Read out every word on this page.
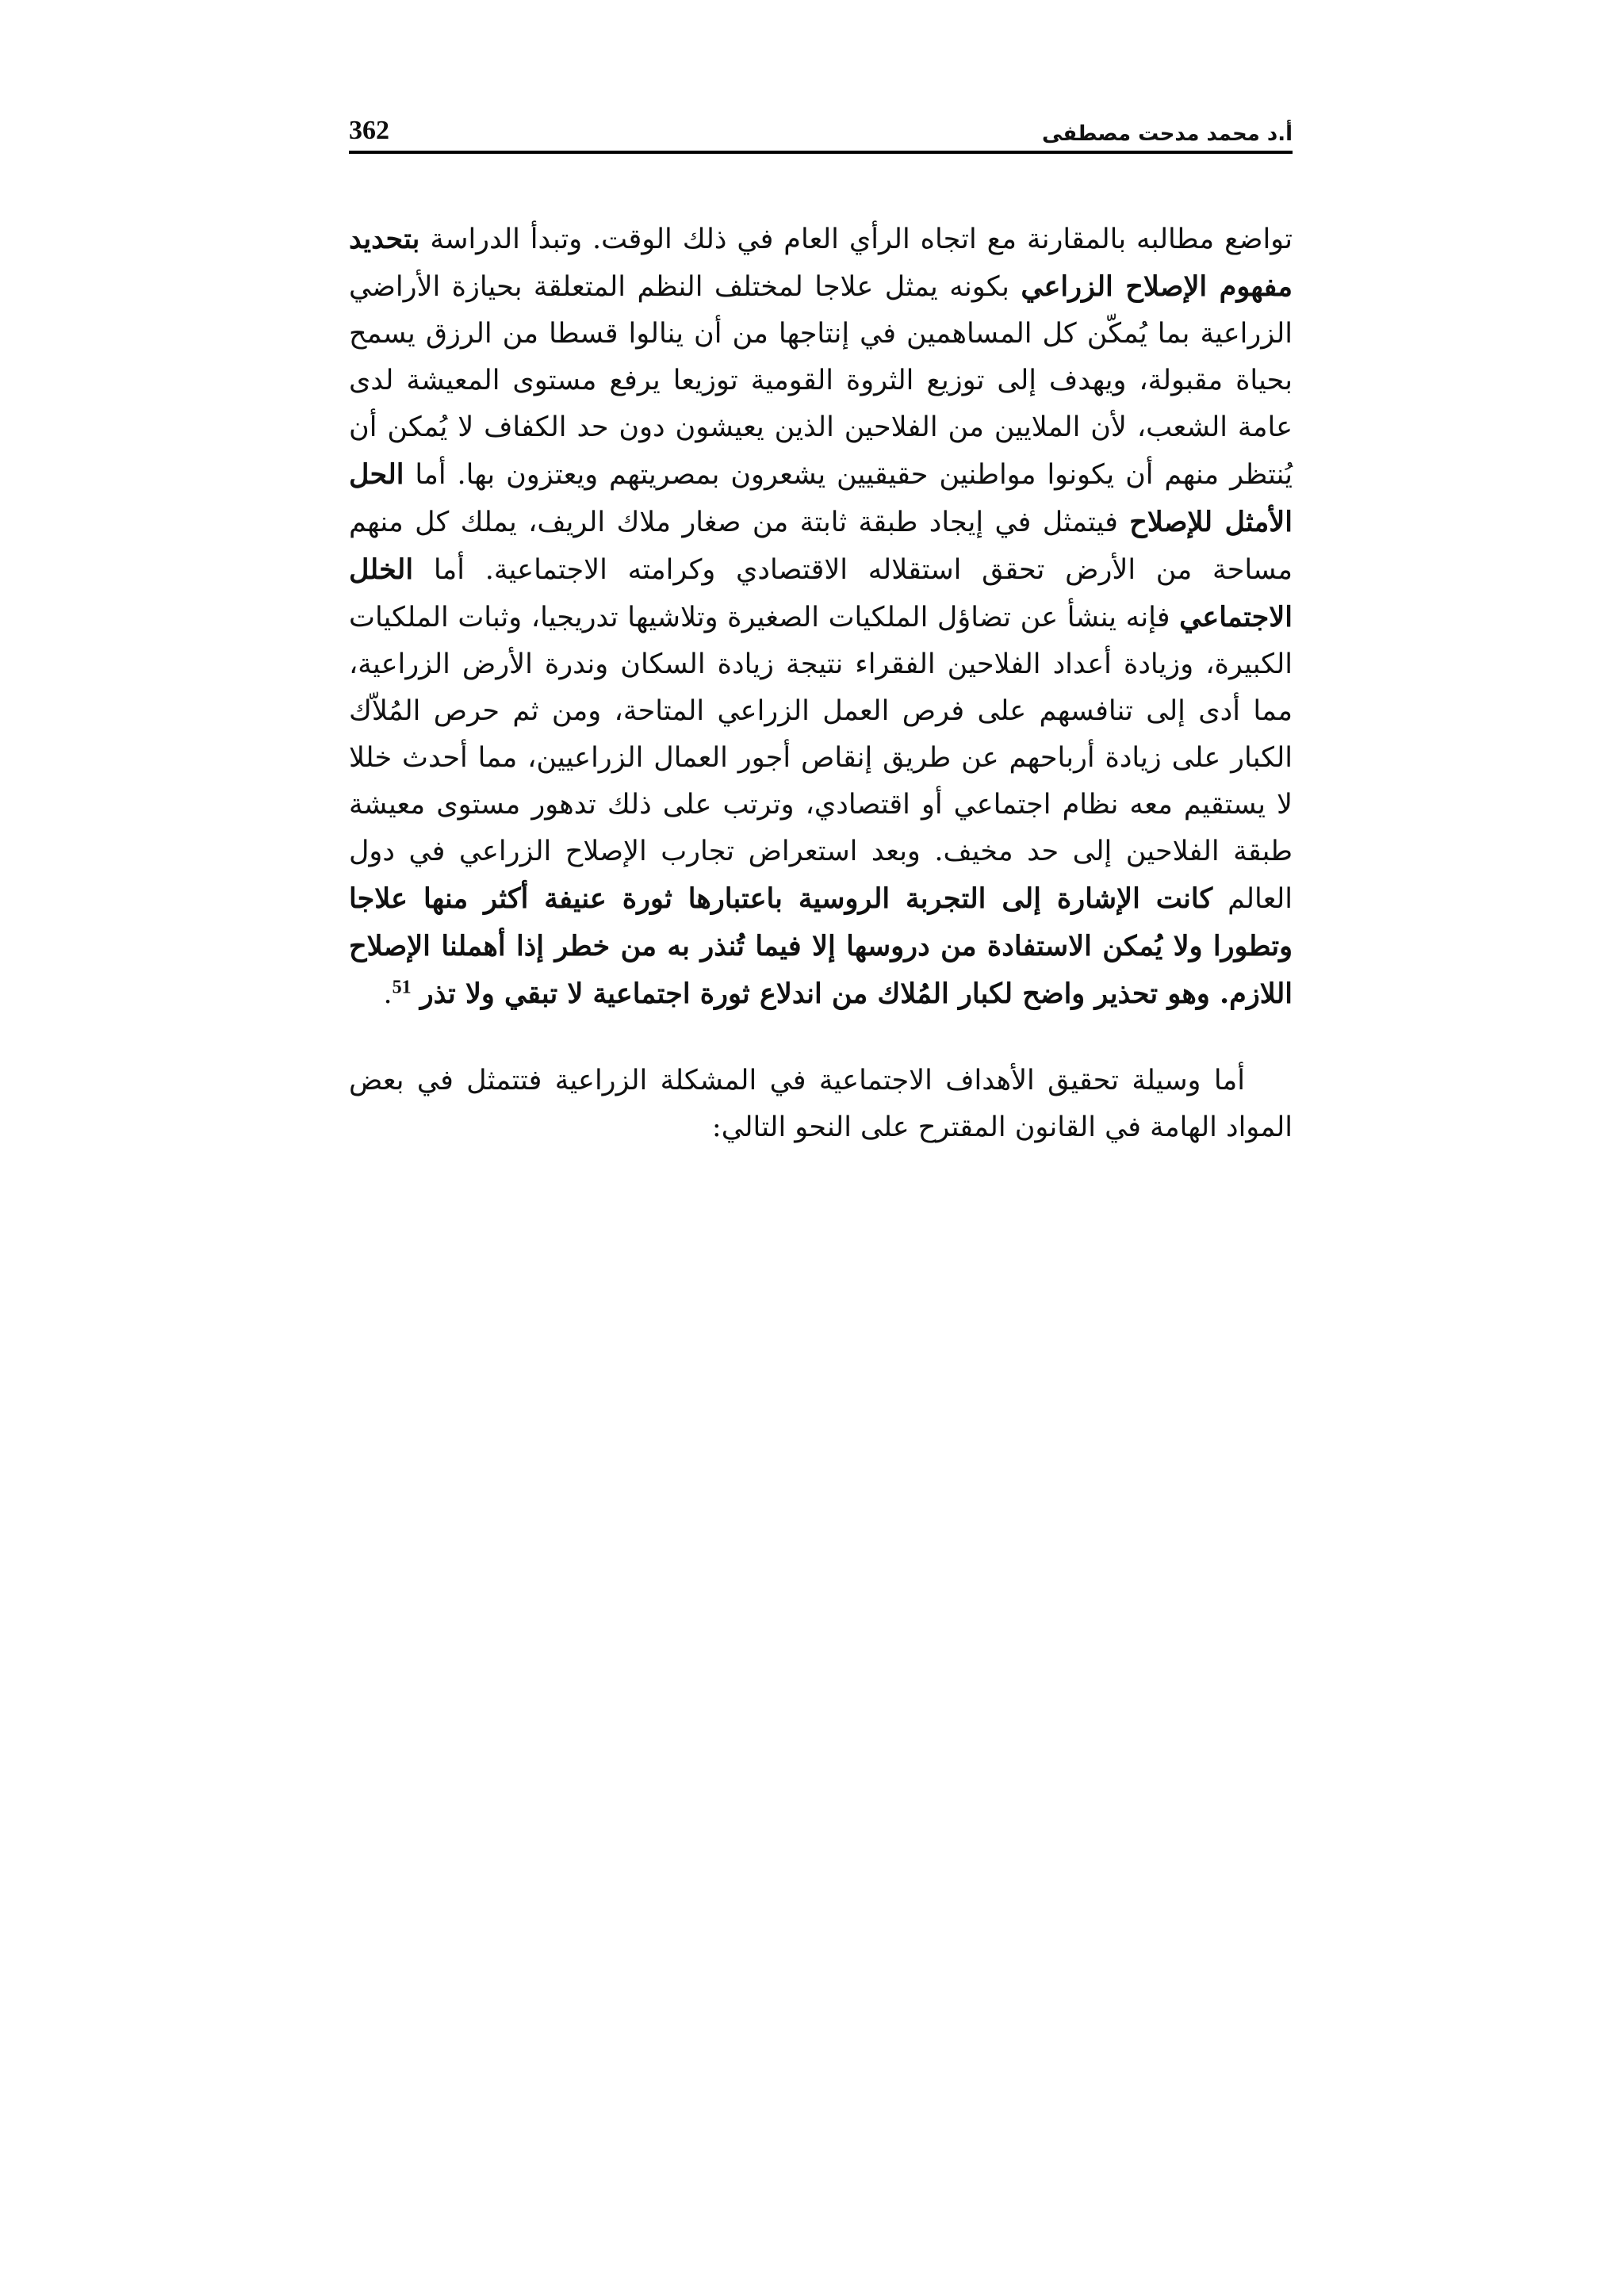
أ.د محمد مدحت مصطفى
362

تواضع مطالبه بالمقارنة مع اتجاه الرأي العام في ذلك الوقت. وتبدأ الدراسة بتحديد مفهوم الإصلاح الزراعي بكونه يمثل علاجا لمختلف النظم المتعلقة بحيازة الأراضي الزراعية بما يُمكّن كل المساهمين في إنتاجها من أن ينالوا قسطا من الرزق يسمح بحياة مقبولة، ويهدف إلى توزيع الثروة القومية توزيعا يرفع مستوى المعيشة لدى عامة الشعب، لأن الملايين من الفلاحين الذين يعيشون دون حد الكفاف لا يُمكن أن يُنتظر منهم أن يكونوا مواطنين حقيقيين يشعرون بمصريتهم ويعتزون بها. أما الحل الأمثل للإصلاح فيتمثل في إيجاد طبقة ثابتة من صغار ملاك الريف، يملك كل منهم مساحة من الأرض تحقق استقلاله الاقتصادي وكرامته الاجتماعية. أما الخلل الاجتماعي فإنه ينشأ عن تضاؤل الملكيات الصغيرة وتلاشيها تدريجيا، وثبات الملكيات الكبيرة، وزيادة أعداد الفلاحين الفقراء نتيجة زيادة السكان وندرة الأرض الزراعية، مما أدى إلى تنافسهم على فرص العمل الزراعي المتاحة، ومن ثم حرص المُلاّك الكبار على زيادة أرباحهم عن طريق إنقاص أجور العمال الزراعيين، مما أحدث خللا لا يستقيم معه نظام اجتماعي أو اقتصادي، وترتب على ذلك تدهور مستوى معيشة طبقة الفلاحين إلى حد مخيف. وبعد استعراض تجارب الإصلاح الزراعي في دول العالم كانت الإشارة إلى التجربة الروسية باعتبارها ثورة عنيفة أكثر منها علاجا وتطورا ولا يُمكن الاستفادة من دروسها إلا فيما تُنذر به من خطر إذا أهملنا الإصلاح اللازم. وهو تحذير واضح لكبار المُلاك من اندلاع ثورة اجتماعية لا تبقي ولا تذر $^{51}$.

أما وسيلة تحقيق الأهداف الاجتماعية في المشكلة الزراعية فتتمثل في بعض المواد الهامة في القانون المقترح على النحو التالي:
